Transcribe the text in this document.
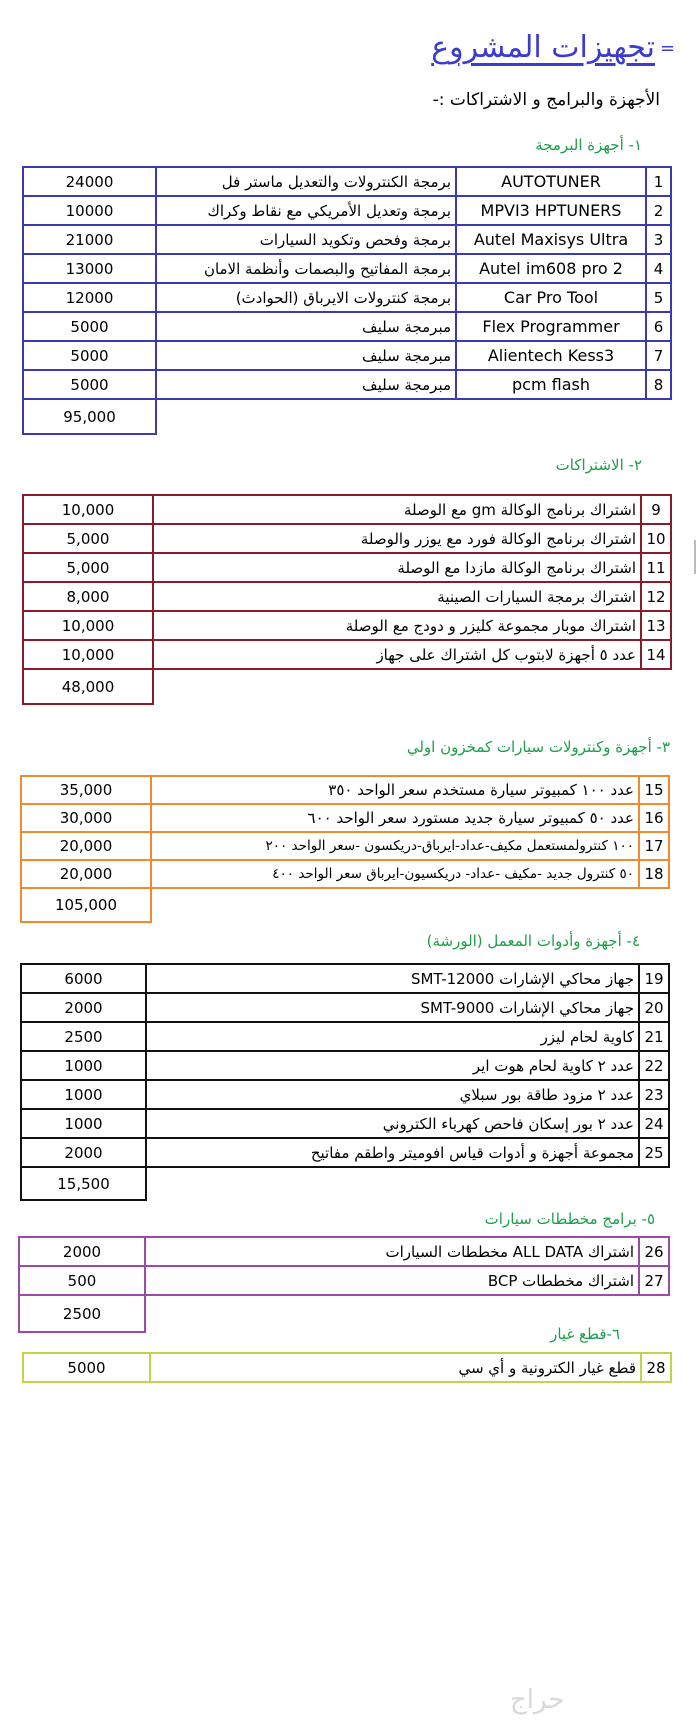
=
تجهيزات المشروع
الأجهزة والبرامج و الاشتراكات :-
١- أجهزة البرمجة
24000	برمجة الكنترولات والتعديل ماستر فل	AUTOTUNER	1
10000	برمجة وتعديل الأمريكي مع نقاط وكراك	MPVI3 HPTUNERS	2
21000	برمجة وفحص وتكويد السيارات	Autel Maxisys Ultra	3
13000	برمجة المفاتيح والبصمات وأنظمة الامان	Autel im608 pro 2	4
12000	برمجة كنترولات الايرباق (الحوادث)	Car Pro Tool	5
5000	مبرمجة سليف	Flex Programmer	6
5000	مبرمجة سليف	Alientech Kess3	7
5000	مبرمجة سليف	pcm flash	8
95,000			
٢- الاشتراكات
10,000	اشتراك برنامج الوكالة gm مع الوصلة	9
5,000	اشتراك برنامج الوكالة فورد مع يوزر والوصلة	10
5,000	اشتراك برنامج الوكالة مازدا مع الوصلة	11
8,000	اشتراك برمجة السيارات الصينية	12
10,000	اشتراك موبار مجموعة كليزر و دودج مع الوصلة	13
10,000	عدد ٥ أجهزة لابتوب كل اشتراك على جهاز	14
48,000		
٣- أجهزة وكنترولات سيارات كمخزون اولي
35,000	عدد ١٠٠ كمبيوتر سيارة مستخدم سعر الواحد ٣٥٠	15
30,000	عدد ٥٠ كمبيوتر سيارة جديد مستورد سعر الواحد ٦٠٠	16
20,000	١٠٠ كنترولمستعمل مكيف-عداد-ايرباق-دريكسون -سعر الواحد ٢٠٠	17
20,000	٥٠ كنترول جديد -مكيف -عداد- دريكسيون-ايرباق سعر الواحد ٤٠٠	18
105,000		
٤- أجهزة وأدوات المعمل (الورشة)
6000	جهاز محاكي الإشارات SMT-12000	19
2000	جهاز محاكي الإشارات SMT-9000	20
2500	كاوية لحام ليزر	21
1000	عدد ٢ كاوية لحام هوت اير	22
1000	عدد ٢ مزود طاقة بور سبلاي	23
1000	عدد ٢ بور إسكان فاحص كهرباء الكتروني	24
2000	مجموعة أجهزة و أدوات قياس افوميتر واطقم مفاتيح	25
15,500		
٥- برامج مخططات سيارات
2000	اشتراك ALL DATA مخططات السيارات	26
500	اشتراك مخططات BCP	27
2500		
٦-قطع غيار
5000	قطع غيار الكترونية و أي سي	28
حراج
